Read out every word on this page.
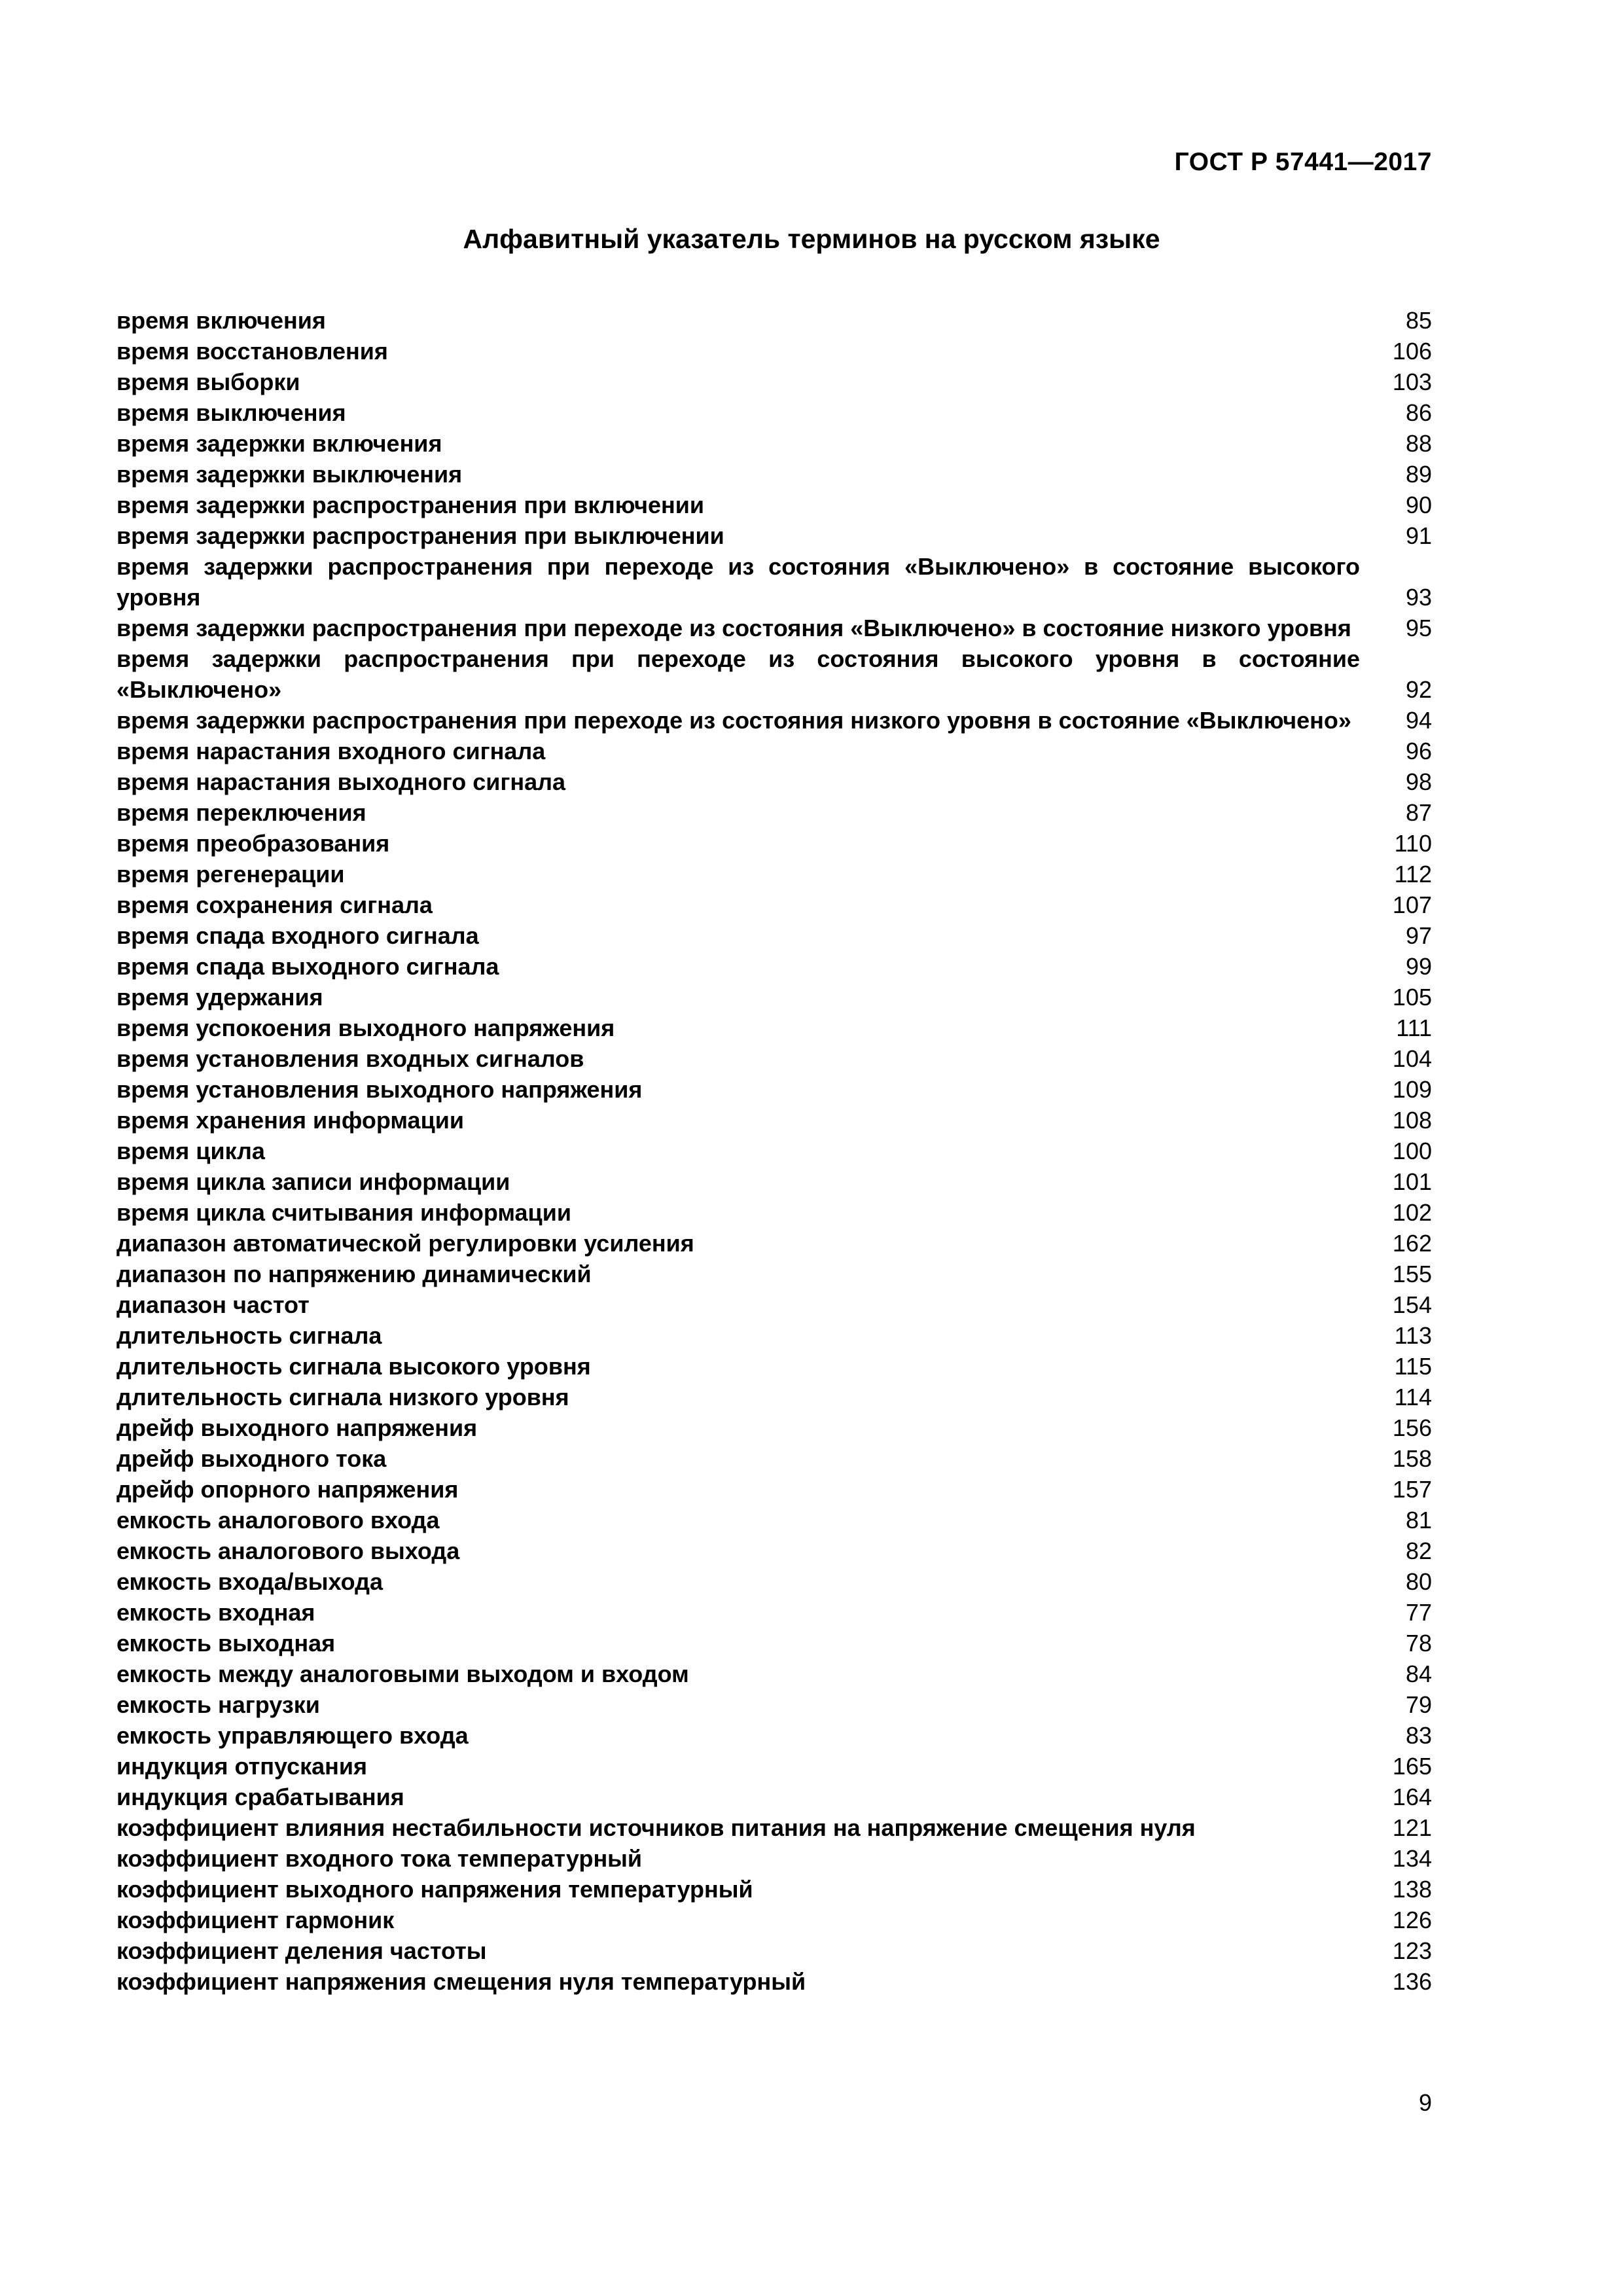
ГОСТ Р 57441—2017
Алфавитный указатель терминов на русском языке
время включения	85
время восстановления	106
время выборки	103
время выключения	86
время задержки включения	88
время задержки выключения	89
время задержки распространения при включении	90
время задержки распространения при выключении	91
время задержки распространения при переходе из состояния «Выключено» в состояние высокого уровня	93
время задержки распространения при переходе из состояния «Выключено» в состояние низкого уровня	95
время задержки распространения при переходе из состояния высокого уровня в состояние «Выключено»	92
время задержки распространения при переходе из состояния низкого уровня в состояние «Выключено»	94
время нарастания входного сигнала	96
время нарастания выходного сигнала	98
время переключения	87
время преобразования	110
время регенерации	112
время сохранения сигнала	107
время спада входного сигнала	97
время спада выходного сигнала	99
время удержания	105
время успокоения выходного напряжения	111
время установления входных сигналов	104
время установления выходного напряжения	109
время хранения информации	108
время цикла	100
время цикла записи информации	101
время цикла считывания информации	102
диапазон автоматической регулировки усиления	162
диапазон по напряжению динамический	155
диапазон частот	154
длительность сигнала	113
длительность сигнала высокого уровня	115
длительность сигнала низкого уровня	114
дрейф выходного напряжения	156
дрейф выходного тока	158
дрейф опорного напряжения	157
емкость аналогового входа	81
емкость аналогового выхода	82
емкость входа/выхода	80
емкость входная	77
емкость выходная	78
емкость между аналоговыми выходом и входом	84
емкость нагрузки	79
емкость управляющего входа	83
индукция отпускания	165
индукция срабатывания	164
коэффициент влияния нестабильности источников питания на напряжение смещения нуля	121
коэффициент входного тока температурный	134
коэффициент выходного напряжения температурный	138
коэффициент гармоник	126
коэффициент деления частоты	123
коэффициент напряжения смещения нуля температурный	136
9
